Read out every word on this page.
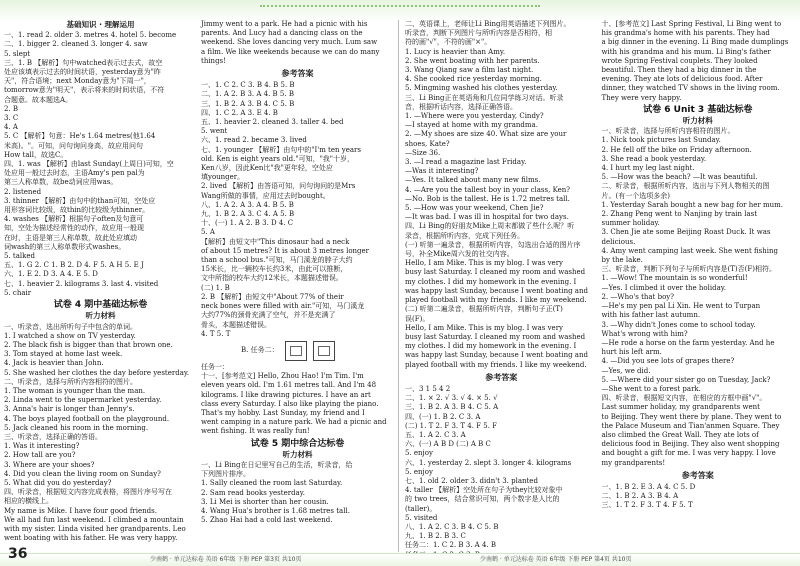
基础知识 · 理解运用
一、1. read 2. older 3. metres 4. hotel 5. become
二、1. bigger 2. cleaned 3. longer 4. saw
5. slept
三、1. B 【解析】句中watched表示过去式，故空
处应该填表示过去的时间状语，yesterday意为"昨
天"，符合语境；next Monday意为"下周一"，
tomorrow意为"明天"，表示将来的时间状语，不符
合题意。故本题选A。
2. B
3. C
4. A
5. C 【解析】句意：He's 1.64 metres(他1.64
米高)。"。可知，问句询问身高，故应用问句
How tall，故选C。
四、1. was 【解析】由last Sunday(上周日)可知，空
处应用一般过去时态，主语Amy's pen pal为
第三人称单数，故be动词应用was。
2. listened
3. thinner 【解析】由句中的than可知，空处应
用形容词比较级，故thin的比较级为thinner。
4. washes 【解析】根据句子often及句意可
知，空处为描述经常性的动作，故应用一般现
在时，主语是第三人称单数，故此处应填动
词wash的第三人称单数形式washes。
5. talked
五、1. G 2. C 1. B 2. D 4. F 5. A H 5. E J
六、1. E 2. D 3. A 4. E 5. D
七、1. heavier 2. kilograms 3. last 4. visited
5. chair
试卷 4 期中基础达标卷
听力材料
一、听录音，选出所听句子中包含的单词。
1. I watched a show on TV yesterday.
2. The black fish is bigger than that brown one.
3. Tom stayed at home last week.
4. Jack is heavier than John.
5. She washed her clothes the day before yesterday.
二、听录音，选择与所听内容相符的图片。
1. The woman is younger than the man.
2. Linda went to the supermarket yesterday.
3. Anna's hair is longer than Jenny's.
4. The boys played football on the playground.
5. Jack cleaned his room in the morning.
三、听录音，选择正确的答语。
1. Was it interesting?
2. How tall are you?
3. Where are your shoes?
4. Did you clean the living room on Sunday?
5. What did you do yesterday?
四、听录音，根据短文内容完成表格，将图片序号写在
相应的横线上。
My name is Mike. I have four good friends.
We all had fun last weekend. I climbed a mountain
with my sister. Linda visited her grandparents. Leo
went boating with his father. He was very happy.
Jimmy went to a park. He had a picnic with his
parents. And Lucy had a dancing class on the
weekend. She loves dancing very much. Lum saw
a film. We like weekends because we can do many
things!
参考答案
一、1. C 2. C 3. B 4. B 5. B
二、1. A 2. B 3. A 4. B 5. B
三、1. B 2. A 3. B 4. C 5. B
四、1. C 2. A 3. E 4. B
五、1. heavier 2. cleaned 3. taller 4. bed
5. went
六、1. read 2. became 3. lived
七、1. younger 【解析】由句中的"I'm ten years
old. Ken is eight years old."可知，"我"十岁，
Ken八岁，因此Ken比"我"更年轻，空处应
填younger。
2. lived 【解析】由答语可知，问句询问的是Mrs
Wang所做的事情，应用过去时bought。
八、1. A 2. A 3. A 4. B 5. B
九、1. B 2. A 3. C 4. A 5. B
十、(一) 1. A 2. B 3. D 4. C
5. A
【解析】由短文中"This dinosaur had a neck
of about 15 metres? It is about 3 metres longer
than a school bus."可知，马门溪龙的脖子大约
15米长，比一辆校车长约3米，由此可以推断，
文中所指的校车大约12米长，本题描述错误。
(二) 1. B
2. B 【解析】由短文中"About 77% of their
neck bones were filled with air."可知，马门溪龙
大约77%的颈骨充满了空气，并不是充满了
骨头，本题描述错误。
4. T 5. T
B. 任务二：
任务一：
十一、[参考范文] Hello, Zhou Hao! I'm Tim. I'm
eleven years old. I'm 1.61 metres tall. And I'm 48
kilograms. I like drawing pictures. I have an art
class every Saturday. I also like playing the piano.
That's my hobby. Last Sunday, my friend and I
went camping in a nature park. We had a picnic and
went fishing. It was really fun!
试卷 5 期中综合达标卷
听力材料
一、Li Bing在日记里写自己的生活，听录音，给
下列图片排序。
1. Sally cleaned the room last Saturday.
2. Sam read books yesterday.
3. Li Mei is shorter than her cousin.
4. Wang Hua's brother is 1.68 metres tall.
5. Zhao Hai had a cold last weekend.
二、英语课上，老师让Li Bing用英语描述下列图片。
听录音，判断下列图片与所听内容是否相符，相
符的画"√"，不符的画"×"。
1. Lucy is heavier than Amy.
2. She went boating with her parents.
3. Wang Qiang saw a film last night.
4. She cooked rice yesterday morning.
5. Mingming washed his clothes yesterday.
三、Li Bing正在英语角和几位同学练习对话。听录
音，根据听话内容，选择正确答语。
1. —Where were you yesterday, Cindy?
—I stayed at home with my grandma.
2. —My shoes are size 40. What size are your
shoes, Kate?
—Size 36.
3. —I read a magazine last Friday.
—Was it interesting?
—Yes. It talked about many new films.
4. —Are you the tallest boy in your class, Ken?
—No. Bob is the tallest. He is 1.72 metres tall.
5. —How was your weekend, Chen Jie?
—It was bad. I was ill in hospital for two days.
四、Li Bing的好朋友Mike上周末都做了些什么呢？听
录音，根据所听内容，完成下列任务。
(一) 听第一遍录音，根据所听内容，勾选出合适的图片序
号，补全Mike周六发的社交内容。
Hello, I am Mike. This is my blog. I was very
busy last Saturday. I cleaned my room and washed
my clothes. I did my homework in the evening. I
was happy last Sunday, because I went boating and
played football with my friends. I like my weekend.
(二) 听第二遍录音，根据所听内容，判断句子正(T)
误(F)。
Hello, I am Mike. This is my blog. I was very
busy last Saturday. I cleaned my room and washed
my clothes. I did my homework in the evening. I
was happy last Sunday, because I went boating and
played football with my friends. I like my weekend.
参考答案
一、3 1 5 4 2
二、1. × 2. √ 3. √ 4. × 5. √
三、1. B 2. A 3. B 4. C 5. A
四、(一) 1. B 2. C 3. A
(二) 1. T 2. F 3. T 4. F 5. F
五、1. A 2. C 3. A
六、(一) A B D (二) A B C
5. enjoy
六、1. yesterday 2. slept 3. longer 4. kilograms
5. enjoy
七、1. old 2. older 3. didn't 3. planted
4. taller 【解析】空处所在句子为they比较对象中
的 two trees，结合常识可知，两个数字是人比的
(taller)。
5. visited
八、1. A 2. C 3. B 4. C 5. B
九、1. B 2. B 3. C
任务二：1. C 2. B 3. A 4. B
十、[参考范文] Last Spring Festival, Li Bing went to
his grandma's home with his parents. They had
a big dinner in the evening. Li Bing made dumplings
with his grandma and his mum. Li Bing's father
wrote Spring Festival couplets. They looked
beautiful. Then they had a big dinner in the
evening. They ate lots of delicious food. After
dinner, they watched TV shows in the living room.
They were very happy.
试卷 6 Unit 3 基础达标卷
听力材料
一、听录音，选择与所听内容相符的图片。
1. Nick took pictures last Sunday.
2. He fell off the bike on Friday afternoon.
3. She read a book yesterday.
4. I hurt my leg last night.
5. —How was the beach? —It was beautiful.
二、听录音，根据所听内容，选出与下列人物相关的图
片。(有一个选项多余)
1. Yesterday Sarah bought a new bag for her mum.
2. Zhang Peng went to Nanjing by train last
summer holiday.
3. Chen Jie ate some Beijing Roast Duck. It was
delicious.
4. Amy went camping last week. She went fishing
by the lake.
三、听录音，判断下列句子与所听内容是(T)否(F)相符。
1. —Wow! The mountain is so wonderful!
—Yes. I climbed it over the holiday.
2. —Who's that boy?
—He's my pen pal Li Xin. He went to Turpan
with his father last autumn.
3. —Why didn't Jones come to school today.
What's wrong with him?
—He rode a horse on the farm yesterday. And he
hurt his left arm.
4. —Did you see lots of grapes there?
—Yes, we did.
5. —Where did your sister go on Tuesday, Jack?
—She went to a forest park.
四、听录音，根据短文内容，在相应的方框中画"√"。
Last summer holiday, my grandparents went
to Beijing. They went there by plane. They went to
the Palace Museum and Tian'anmen Square. They
also climbed the Great Wall. They ate lots of
delicious food in Beijing. They also went shopping
and bought a gift for me. I was very happy. I love
my grandparents!
参考答案
一、1. B 2. E 3. A 4. C 5. D
二、1. B 2. A 3. B 4. A
三、1. T 2. F 3. T 4. F 5. T
36	少南鹤 · 单元达标卷 英语 6年级 下册 PEP 第3页 共10页	少南鹤 · 单元达标卷 英语 6年级 下册 PEP 第4页 共10页
